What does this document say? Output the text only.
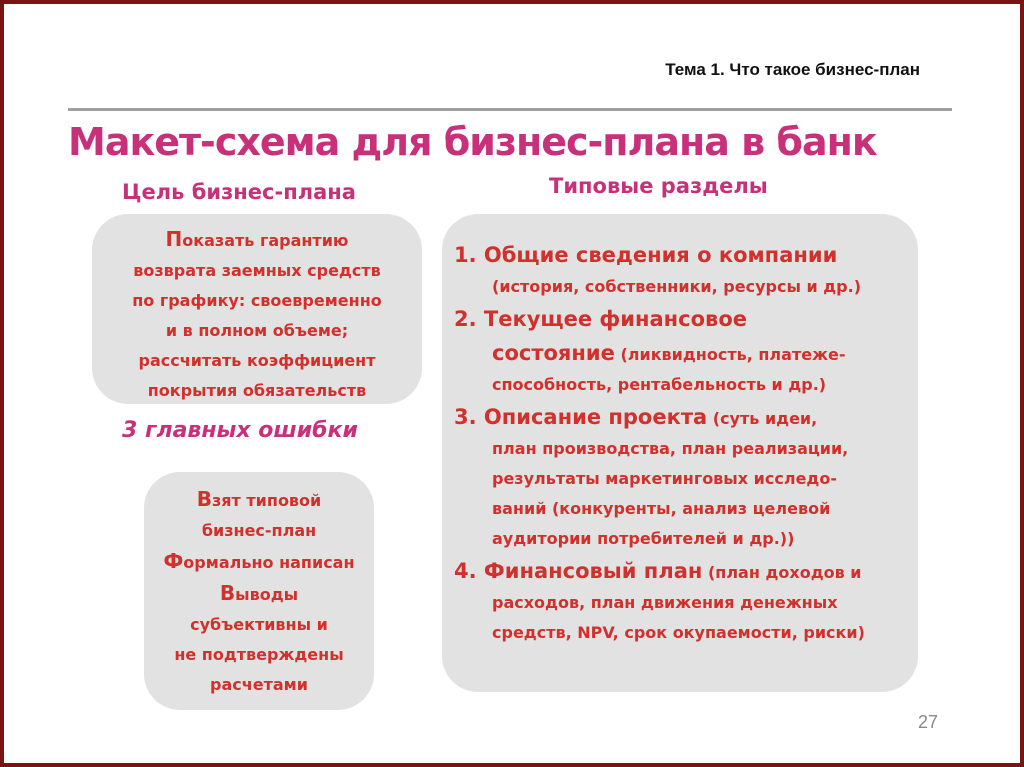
Тема 1. Что такое бизнес-план
Макет-схема для бизнес-плана в банк
Цель бизнес-плана	Типовые разделы

Показать гарантию

возврата заемных средств

по графику: своевременно

и в полном объеме;

рассчитать коэффициент

покрытия обязательств

3 главных ошибки

Взят типовой

бизнес-план

Формально написан

Выводы

субъективны и

не подтверждены

расчетами

1. Общие сведения о компании
(история, собственники, ресурсы и др.)
2. Текущее финансовое
состояние (ликвидность, платеже-
способность, рентабельность и др.)
3. Описание проекта (суть идеи,
план производства, план реализации,
результаты маркетинговых исследо-
ваний (конкуренты, анализ целевой
аудитории потребителей и др.))
4. Финансовый план (план доходов и
расходов, план движения денежных
средств, NPV, срок окупаемости, риски)
27
